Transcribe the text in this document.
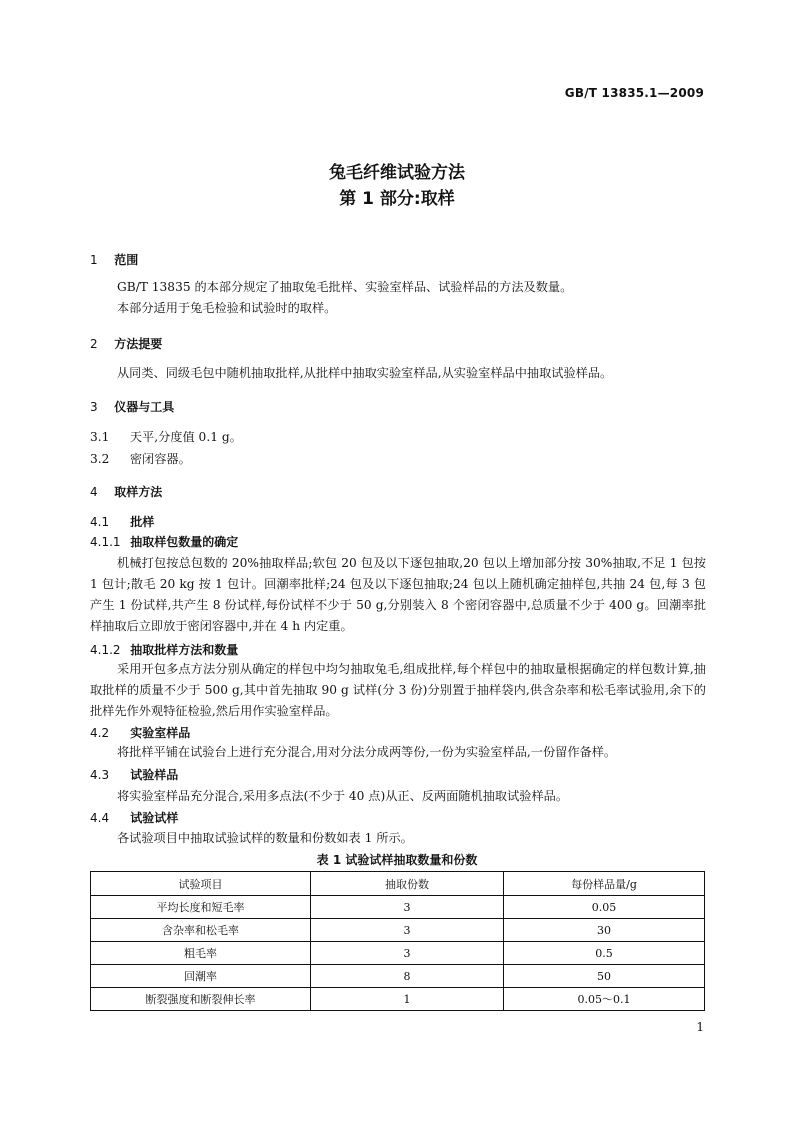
GB/T 13835.1—2009
兔毛纤维试验方法
第 1 部分:取样
1 范围
GB/T 13835 的本部分规定了抽取兔毛批样、实验室样品、试验样品的方法及数量。
本部分适用于兔毛检验和试验时的取样。
2 方法提要
从同类、同级毛包中随机抽取批样,从批样中抽取实验室样品,从实验室样品中抽取试验样品。
3 仪器与工具
3.1 天平,分度值 0.1 g。
3.2 密闭容器。
4 取样方法
4.1 批样
4.1.1 抽取样包数量的确定
机械打包按总包数的 20%抽取样品;软包 20 包及以下逐包抽取,20 包以上增加部分按 30%抽取,不足 1 包按 1 包计;散毛 20 kg 按 1 包计。回潮率批样;24 包及以下逐包抽取;24 包以上随机确定抽样包,共抽 24 包,每 3 包产生 1 份试样,共产生 8 份试样,每份试样不少于 50 g,分别装入 8 个密闭容器中,总质量不少于 400 g。回潮率批样抽取后立即放于密闭容器中,并在 4 h 内定重。
4.1.2 抽取批样方法和数量
采用开包多点方法分别从确定的样包中均匀抽取兔毛,组成批样,每个样包中的抽取量根据确定的样包数计算,抽取批样的质量不少于 500 g,其中首先抽取 90 g 试样(分 3 份)分别置于抽样袋内,供含杂率和松毛率试验用,余下的批样先作外观特征检验,然后用作实验室样品。
4.2 实验室样品
将批样平铺在试验台上进行充分混合,用对分法分成两等份,一份为实验室样品,一份留作备样。
4.3 试验样品
将实验室样品充分混合,采用多点法(不少于 40 点)从正、反两面随机抽取试验样品。
4.4 试验试样
各试验项目中抽取试验试样的数量和份数如表 1 所示。
表 1 试验试样抽取数量和份数
试验项目	抽取份数	每份样品量/g
平均长度和短毛率	3	0.05
含杂率和松毛率	3	30
粗毛率	3	0.5
回潮率	8	50
断裂强度和断裂伸长率	1	0.05～0.1
1
